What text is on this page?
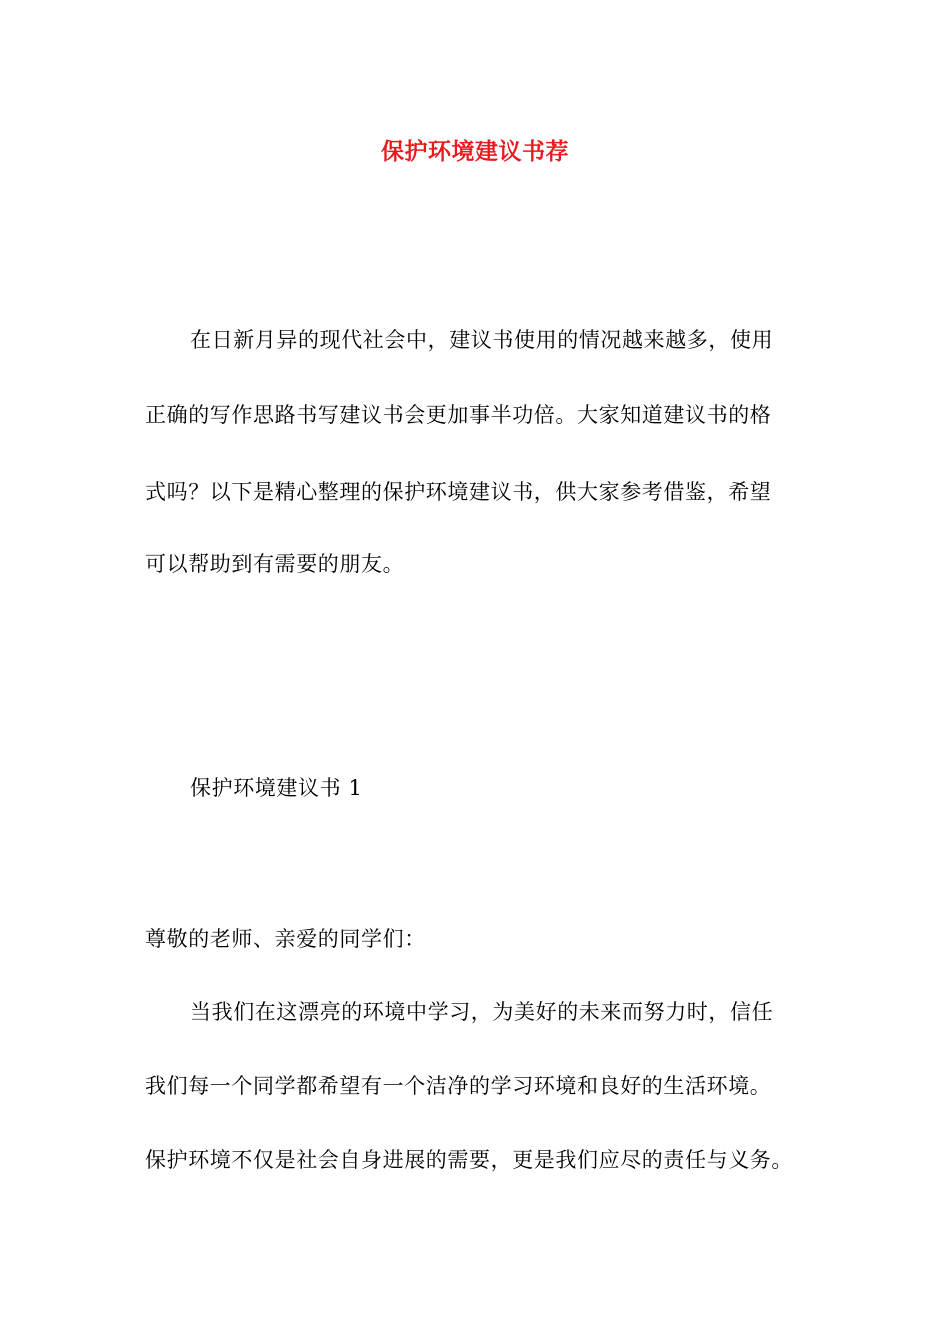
保护环境建议书荐
在日新月异的现代社会中，建议书使用的情况越来越多，使用
正确的写作思路书写建议书会更加事半功倍。大家知道建议书的格
式吗？以下是精心整理的保护环境建议书，供大家参考借鉴，希望
可以帮助到有需要的朋友。
保护环境建议书 1
尊敬的老师、亲爱的同学们：
当我们在这漂亮的环境中学习，为美好的未来而努力时，信任
我们每一个同学都希望有一个洁净的学习环境和良好的生活环境。
保护环境不仅是社会自身进展的需要，更是我们应尽的责任与义务。
